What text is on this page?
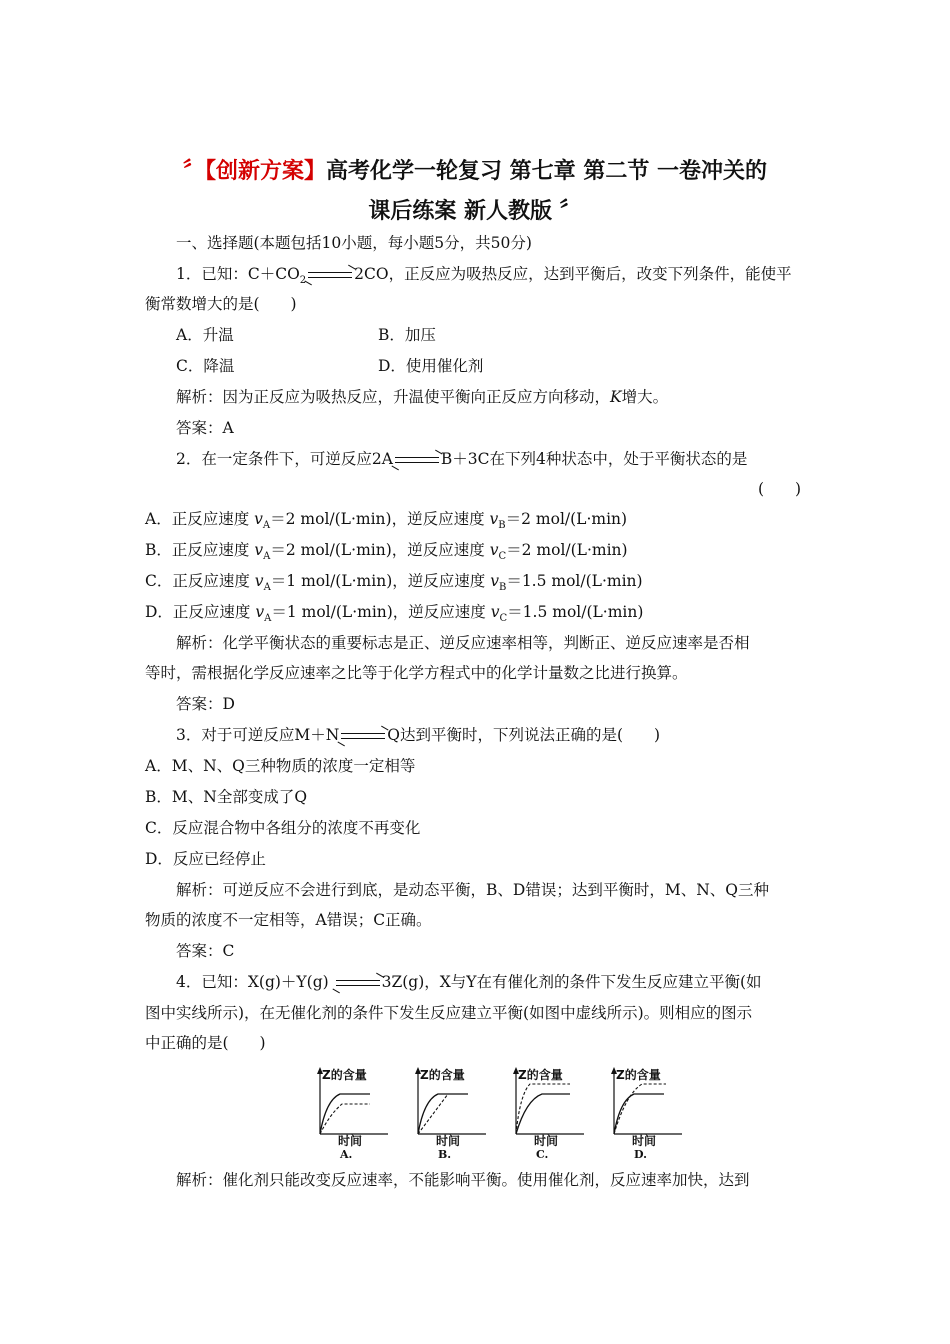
〞【创新方案】高考化学一轮复习 第七章 第二节 一卷冲关的
课后练案 新人教版 〞
一、选择题(本题包括10小题，每小题5分，共50分)
1．已知：$C+CO_2 \to 2CO$，正反应为吸热反应，达到平衡后，改变下列条件，能使平
衡常数增大的是(　　)
A．升温	B．加压
C．降温	D．使用催化剂
解析：因为正反应为吸热反应，升温使平衡向正反应方向移动，K增大。
答案：A
2．在一定条件下，可逆反应2A → B＋3C在下列4种状态中，处于平衡状态的是
(　　)
A．正反应速度 $v_A=2$ mol/(L·min)，逆反应速度 $v_B=2$ mol/(L·min)
B．正反应速度 $v_A=2$ mol/(L·min)，逆反应速度 $v_C=2$ mol/(L·min)
C．正反应速度 $v_A=1$ mol/(L·min)，逆反应速度 $v_B=1.5$ mol/(L·min)
D．正反应速度 $v_A=1$ mol/(L·min)，逆反应速度 $v_C=1.5$ mol/(L·min)
解析：化学平衡状态的重要标志是正、逆反应速率相等，判断正、逆反应速率是否相
等时，需根据化学反应速率之比等于化学方程式中的化学计量数之比进行换算。
答案：D
3．对于可逆反应M＋N → Q达到平衡时，下列说法正确的是(　　)
A．M、N、Q三种物质的浓度一定相等
B．M、N全部变成了Q
C．反应混合物中各组分的浓度不再变化
D．反应已经停止
解析：可逆反应不会进行到底，是动态平衡，B、D错误；达到平衡时，M、N、Q三种
物质的浓度不一定相等，A错误；C正确。
答案：C
4．已知：X(g)＋Y(g) → 3Z(g)，X与Y在有催化剂的条件下发生反应建立平衡(如
图中实线所示)，在无催化剂的条件下发生反应建立平衡(如图中虚线所示)。则相应的图示
中正确的是(　　)
Z的含量
时间
A.
Z的含量
时间
B.
Z的含量
时间
C.
Z的含量
时间
D.
解析：催化剂只能改变反应速率，不能影响平衡。使用催化剂，反应速率加快，达到
